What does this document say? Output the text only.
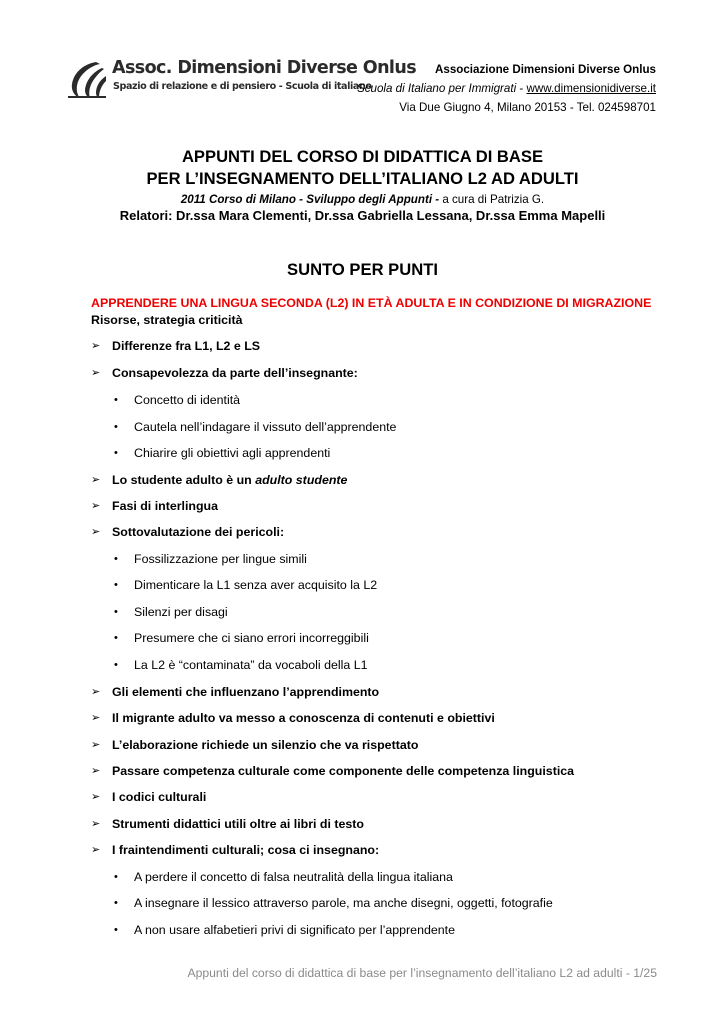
Assoc. Dimensioni Diverse Onlus
Spazio di relazione e di pensiero - Scuola di italiano
Associazione Dimensioni Diverse Onlus
Scuola di Italiano per Immigrati - www.dimensionidiverse.it
Via Due Giugno 4, Milano 20153 - Tel. 024598701
APPUNTI DEL CORSO DI DIDATTICA DI BASE
PER L’INSEGNAMENTO DELL’ITALIANO L2 AD ADULTI
2011 Corso di Milano - Sviluppo degli Appunti - a cura di Patrizia G.
Relatori: Dr.ssa Mara Clementi, Dr.ssa Gabriella Lessana, Dr.ssa Emma Mapelli
SUNTO PER PUNTI
APPRENDERE UNA LINGUA SECONDA (L2) IN ETÀ ADULTA E IN CONDIZIONE DI MIGRAZIONE
Risorse, strategia criticità
➢ Differenze fra L1, L2 e LS
➢ Consapevolezza da parte dell’insegnante:
• Concetto di identità
• Cautela nell’indagare il vissuto dell’apprendente
• Chiarire gli obiettivi agli apprendenti
➢ Lo studente adulto è un adulto studente
➢ Fasi di interlingua
➢ Sottovalutazione dei pericoli:
• Fossilizzazione per lingue simili
• Dimenticare la L1 senza aver acquisito la L2
• Silenzi per disagi
• Presumere che ci siano errori incorreggibili
• La L2 è “contaminata” da vocaboli della L1
➢ Gli elementi che influenzano l’apprendimento
➢ Il migrante adulto va messo a conoscenza di contenuti e obiettivi
➢ L’elaborazione richiede un silenzio che va rispettato
➢ Passare competenza culturale come componente delle competenza linguistica
➢ I codici culturali
➢ Strumenti didattici utili oltre ai libri di testo
➢ I fraintendimenti culturali; cosa ci insegnano:
• A perdere il concetto di falsa neutralità della lingua italiana
• A insegnare il lessico attraverso parole, ma anche disegni, oggetti, fotografie
• A non usare alfabetieri privi di significato per l’apprendente
Appunti del corso di didattica di base per l’insegnamento dell’italiano L2 ad adulti - 1/25
